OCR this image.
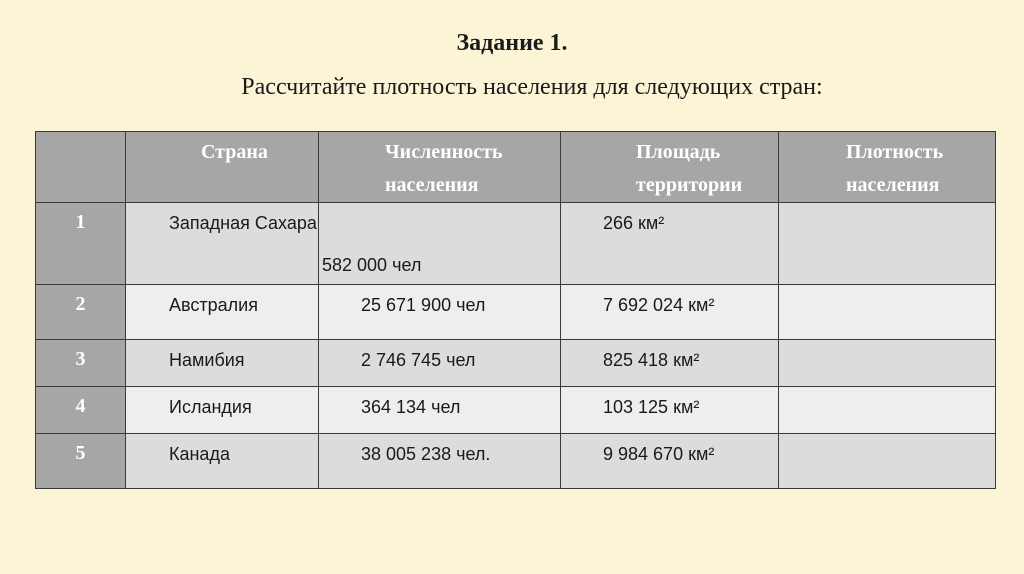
Задание 1.

Рассчитайте плотность населения для следующих стран:

	Страна	Численность населения	Площадь территории	Плотность населения
1	Западная Сахара	582 000 чел	266 км²	
2	Австралия	25 671 900 чел	7 692 024 км²	
3	Намибия	2 746 745 чел	825 418 км²	
4	Исландия	364 134 чел	103 125 км²	
5	Канада	38 005 238 чел.	9 984 670 км²	
